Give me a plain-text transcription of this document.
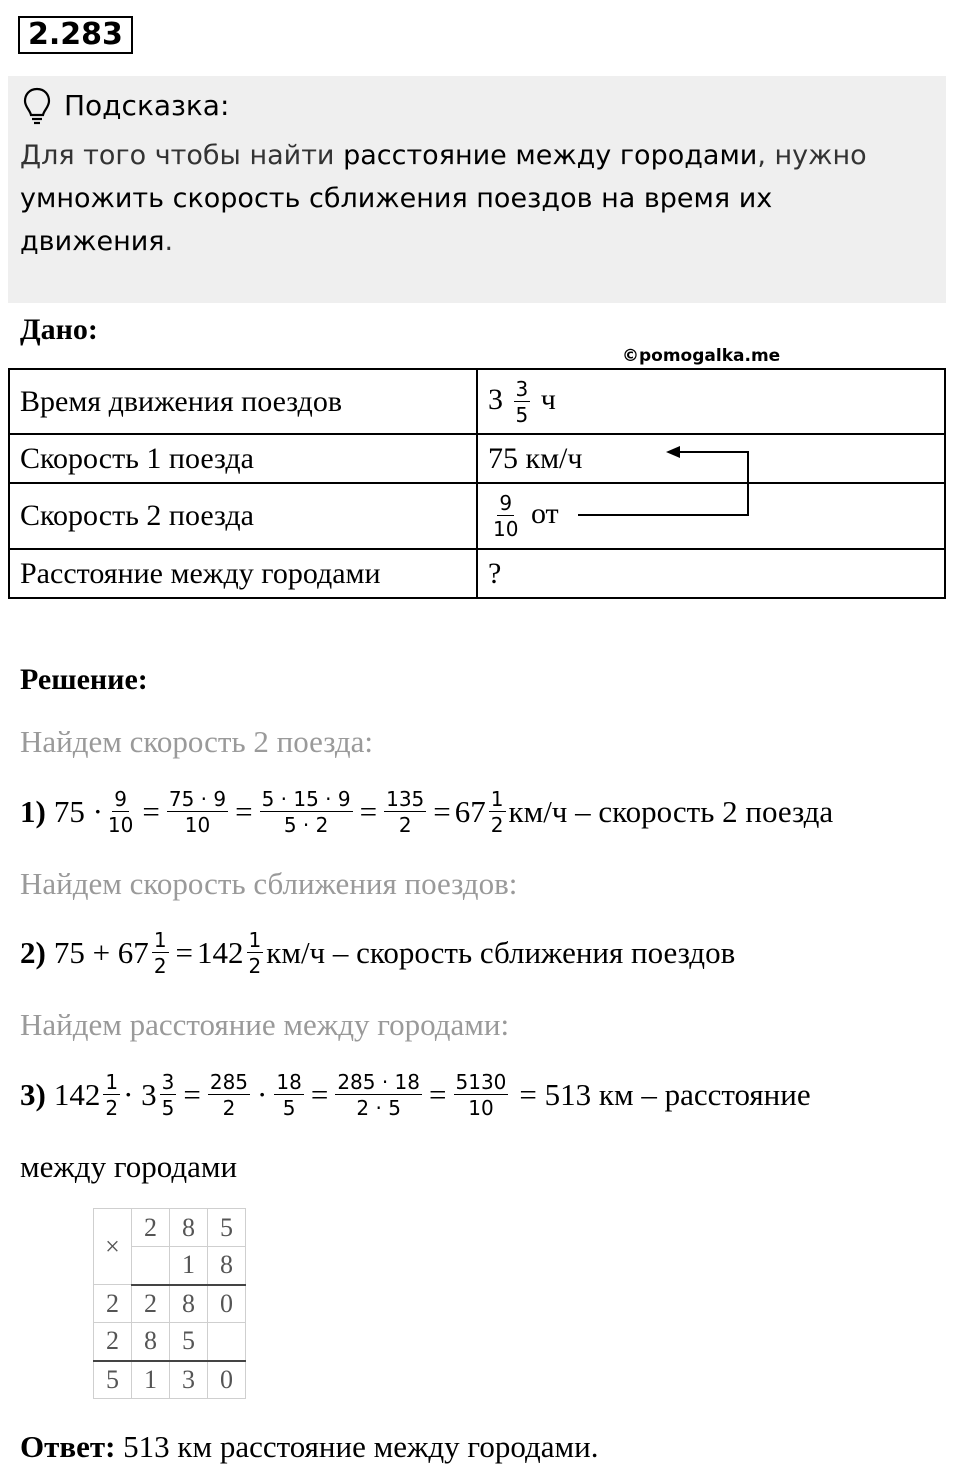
2.283
Подсказка:
Для того чтобы найти расстояние между городами, нужно умножить скорость сближения поездов на время их движения.
Дано:
©pomogalka.me
Время движения поездов	$3 \frac{3}{5}$ ч
Скорость 1 поезда	75 км/ч
Скорость 2 поезда	$\frac{9}{10}$ от
Расстояние между городами	?
Решение:
Найдем скорость 2 поезда:
1) $75 \cdot \frac{9}{10} = \frac{75 \cdot 9}{10} = \frac{5 \cdot 15 \cdot 9}{5 \cdot 2} = \frac{135}{2} = 67 \frac{1}{2} км/ч$ – скорость 2 поезда
Найдем скорость сближения поездов:
2) $75 + 67 \frac{1}{2} = 142 \frac{1}{2} км/ч$ – скорость сближения поездов
Найдем расстояние между городами:
3) $142 \frac{1}{2} \cdot 3 \frac{3}{5} = \frac{285}{2} \cdot \frac{18}{5} = \frac{285 \cdot 18}{2 \cdot 5} = \frac{5130}{10} = 513$ км – расстояние
между городами
×	2	8	5
		1	8
2	2	8	0
2	8	5	
5	1	3	0
Ответ: 513 км расстояние между городами.
